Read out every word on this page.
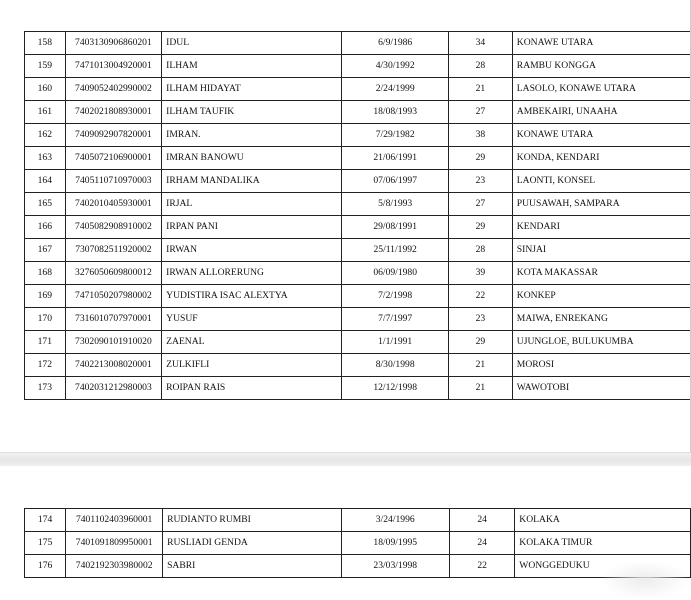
158	7403130906860201	IDUL	6/9/1986	34	KONAWE UTARA
159	7471013004920001	ILHAM	4/30/1992	28	RAMBU KONGGA
160	7409052402990002	ILHAM HIDAYAT	2/24/1999	21	LASOLO, KONAWE UTARA
161	7402021808930001	ILHAM TAUFIK	18/08/1993	27	AMBEKAIRI, UNAAHA
162	7409092907820001	IMRAN.	7/29/1982	38	KONAWE UTARA
163	7405072106900001	IMRAN BANOWU	21/06/1991	29	KONDA, KENDARI
164	7405110710970003	IRHAM MANDALIKA	07/06/1997	23	LAONTI, KONSEL
165	7402010405930001	IRJAL	5/8/1993	27	PUUSAWAH, SAMPARA
166	7405082908910002	IRPAN PANI	29/08/1991	29	KENDARI
167	7307082511920002	IRWAN	25/11/1992	28	SINJAI
168	3276050609800012	IRWAN ALLORERUNG	06/09/1980	39	KOTA MAKASSAR
169	7471050207980002	YUDISTIRA ISAC ALEXTYA	7/2/1998	22	KONKEP
170	7316010707970001	YUSUF	7/7/1997	23	MAIWA, ENREKANG
171	7302090101910020	ZAENAL	1/1/1991	29	UJUNGLOE, BULUKUMBA
172	7402213008020001	ZULKIFLI	8/30/1998	21	MOROSI
173	7402031212980003	ROIPAN RAIS	12/12/1998	21	WAWOTOBI
174	7401102403960001	RUDIANTO RUMBI	3/24/1996	24	KOLAKA
175	7401091809950001	RUSLIADI GENDA	18/09/1995	24	KOLAKA TIMUR
176	7402192303980002	SABRI	23/03/1998	22	WONGGEDUKU
